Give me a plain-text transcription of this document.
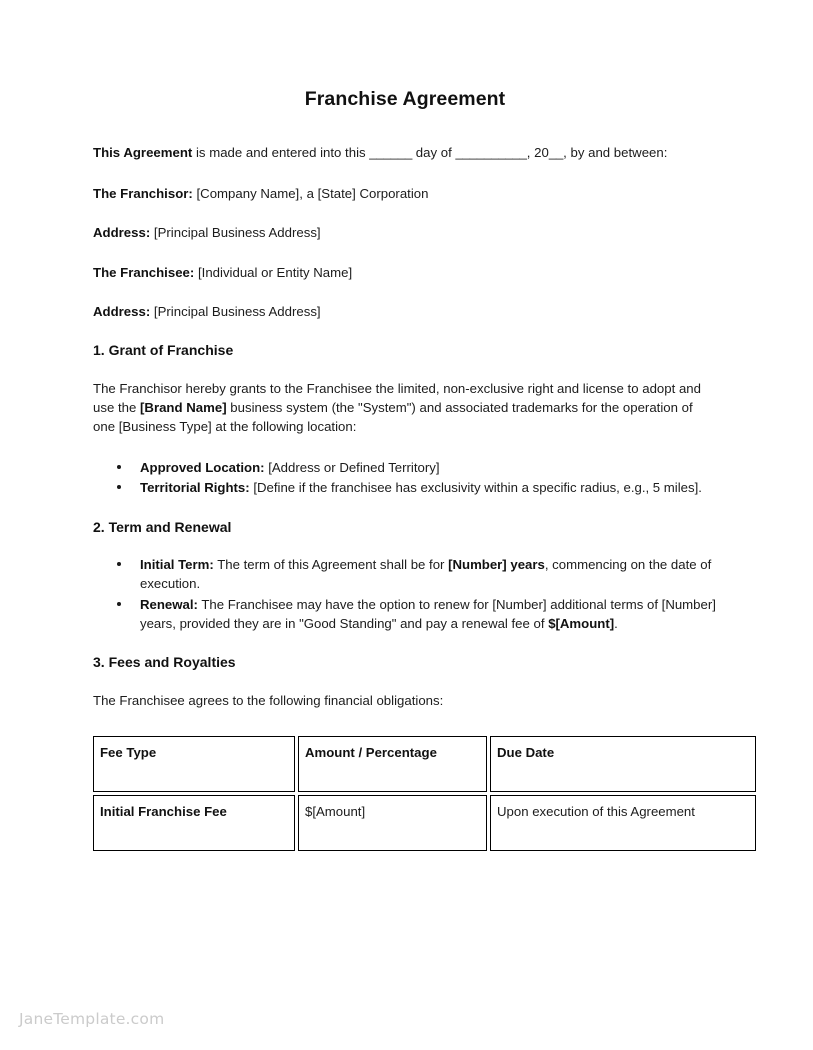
Franchise Agreement

This Agreement is made and entered into this ______ day of __________, 20__, by and between:

The Franchisor: [Company Name], a [State] Corporation

Address: [Principal Business Address]

The Franchisee: [Individual or Entity Name]

Address: [Principal Business Address]

1. Grant of Franchise

The Franchisor hereby grants to the Franchisee the limited, non-exclusive right and license to adopt and use the [Brand Name] business system (the "System") and associated trademarks for the operation of one [Business Type] at the following location:

Approved Location: [Address or Defined Territory]
Territorial Rights: [Define if the franchisee has exclusivity within a specific radius, e.g., 5 miles].
2. Term and Renewal
Initial Term: The term of this Agreement shall be for [Number] years, commencing on the date of execution.
Renewal: The Franchisee may have the option to renew for [Number] additional terms of [Number] years, provided they are in "Good Standing" and pay a renewal fee of $[Amount].
3. Fees and Royalties

The Franchisee agrees to the following financial obligations:

Fee Type	Amount / Percentage	Due Date
Initial Franchise Fee	$[Amount]	Upon execution of this Agreement
JaneTemplate.com
